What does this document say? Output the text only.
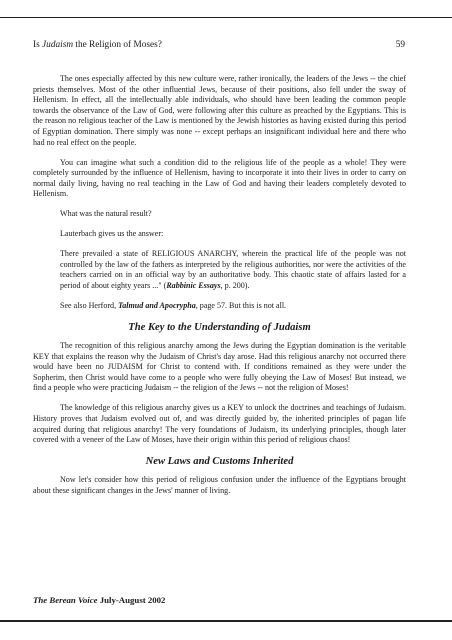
Is Judaism the Religion of Moses?	59

The ones especially affected by this new culture were, rather ironically, the leaders of the Jews -- the chief priests themselves. Most of the other influential Jews, because of their positions, also fell under the sway of Hellenism. In effect, all the intellectually able individuals, who should have been leading the common people towards the observance of the Law of God, were following after this culture as preached by the Egyptians. This is the reason no religious teacher of the Law is mentioned by the Jewish histories as having existed during this period of Egyptian domination. There simply was none -- except perhaps an insignificant individual here and there who had no real effect on the people.

You can imagine what such a condition did to the religious life of the people as a whole! They were completely surrounded by the influence of Hellenism, having to incorporate it into their lives in order to carry on normal daily living, having no real teaching in the Law of God and having their leaders completely devoted to Hellenism.

What was the natural result?

Lauterbach gives us the answer:

There prevailed a state of RELIGIOUS ANARCHY, wherein the practical life of the people was not controlled by the law of the fathers as interpreted by the religious authorities, nor were the activities of the teachers carried on in an official way by an authoritative body. This chaotic state of affairs lasted for a period of about eighty years ..." (Rabbinic Essays, p. 200).

See also Herford, Talmud and Apocrypha, page 57. But this is not all.

The Key to the Understanding of Judaism

The recognition of this religious anarchy among the Jews during the Egyptian domination is the veritable KEY that explains the reason why the Judaism of Christ's day arose. Had this religious anarchy not occurred there would have been no JUDAISM for Christ to contend with. If conditions remained as they were under the Sopherim, then Christ would have come to a people who were fully obeying the Law of Moses! But instead, we find a people who were practicing Judaism -- the religion of the Jews -- not the religion of Moses!

The knowledge of this religious anarchy gives us a KEY to unlock the doctrines and teachings of Judaism. History proves that Judaism evolved out of, and was directly guided by, the inherited principles of pagan life acquired during that religious anarchy! The very foundations of Judaism, its underlying principles, though later covered with a veneer of the Law of Moses, have their origin within this period of religious chaos!

New Laws and Customs Inherited

Now let's consider how this period of religious confusion under the influence of the Egyptians brought about these significant changes in the Jews' manner of living.

The Berean Voice July-August 2002
